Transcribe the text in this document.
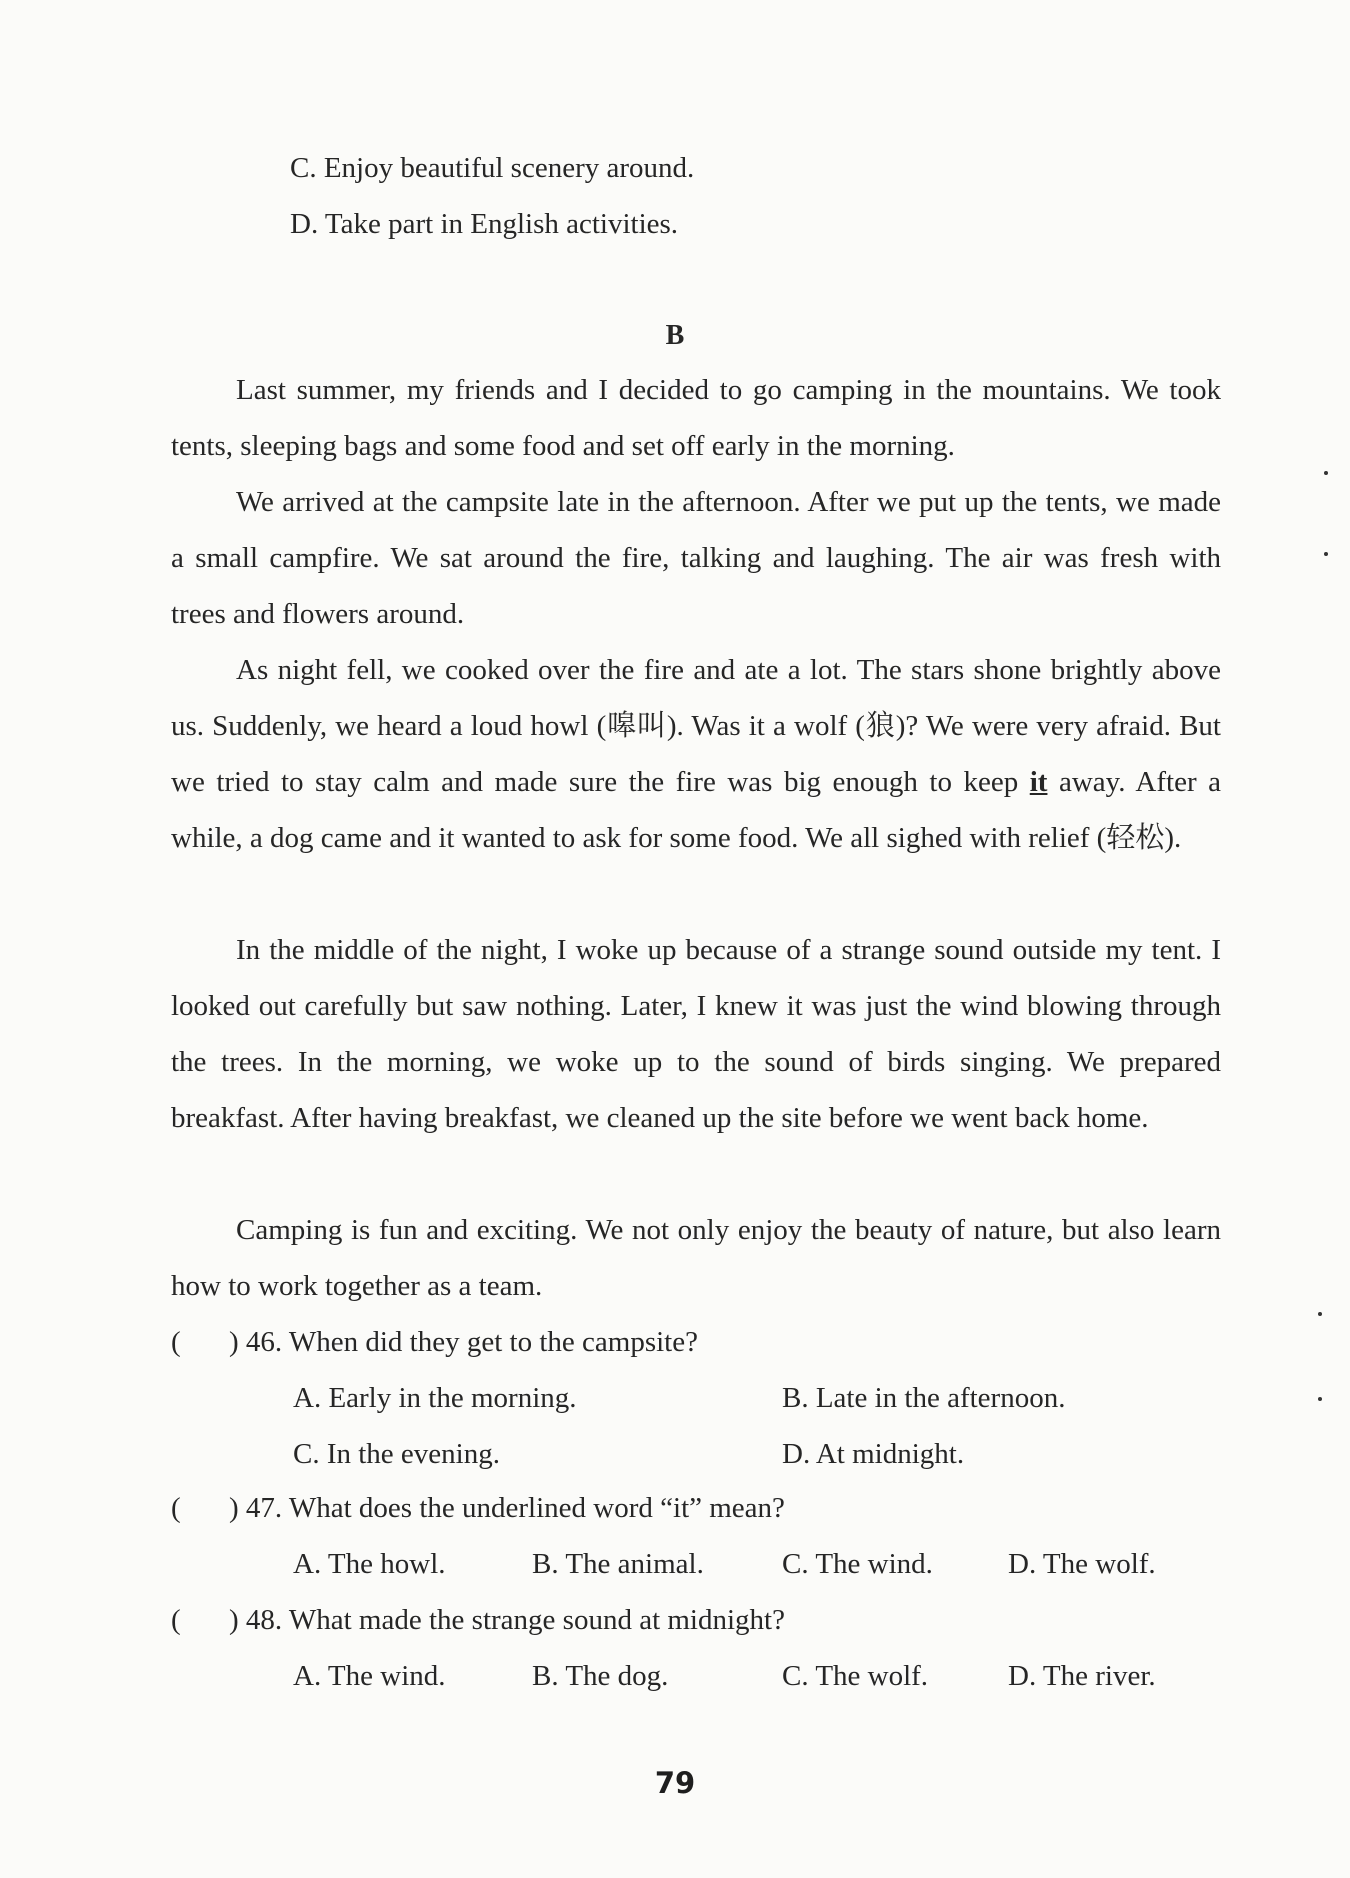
C. Enjoy beautiful scenery around.
D. Take part in English activities.
B
Last summer, my friends and I decided to go camping in the mountains. We took tents, sleeping bags and some food and set off early in the morning.
We arrived at the campsite late in the afternoon. After we put up the tents, we made a small campfire. We sat around the fire, talking and laughing. The air was fresh with trees and flowers around.
As night fell, we cooked over the fire and ate a lot. The stars shone brightly above us. Suddenly, we heard a loud howl (嗥叫). Was it a wolf (狼)? We were very afraid. But we tried to stay calm and made sure the fire was big enough to keep it away. After a while, a dog came and it wanted to ask for some food. We all sighed with relief (轻松).
In the middle of the night, I woke up because of a strange sound outside my tent. I looked out carefully but saw nothing. Later, I knew it was just the wind blowing through the trees. In the morning, we woke up to the sound of birds singing. We prepared breakfast. After having breakfast, we cleaned up the site before we went back home.
Camping is fun and exciting. We not only enjoy the beauty of nature, but also learn how to work together as a team.
( ) 46. When did they get to the campsite?
A. Early in the morning.	B. Late in the afternoon.
C. In the evening.	D. At midnight.
( ) 47. What does the underlined word “it” mean?
A. The howl.	B. The animal.	C. The wind.	D. The wolf.
( ) 48. What made the strange sound at midnight?
A. The wind.	B. The dog.	C. The wolf.	D. The river.
79
